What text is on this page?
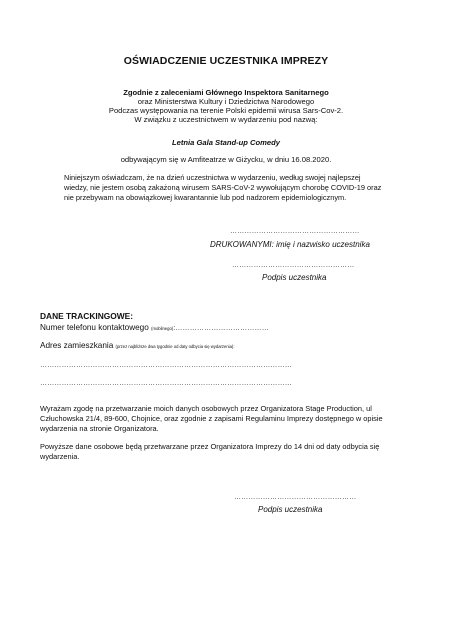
OŚWIADCZENIE UCZESTNIKA IMPREZY
Zgodnie z zaleceniami Głównego Inspektora Sanitarnego
oraz Ministerstwa Kultury i Dziedzictwa Narodowego
Podczas występowania na terenie Polski epidemii wirusa Sars-Cov-2.
W związku z uczestnictwem w wydarzeniu pod nazwą:
Letnia Gala Stand-up Comedy
odbywającym się w Amfiteatrze w Giżycku, w dniu 16.08.2020.
Niniejszym oświadczam, że na dzień uczestnictwa w wydarzeniu, według swojej najlepszej
wiedzy, nie jestem osobą zakażoną wirusem SARS-CoV-2 wywołującym chorobę COVID-19 oraz
nie przebywam na obowiązkowej kwarantannie lub pod nadzorem epidemiologicznym.
………………………………………………
DRUKOWANYMI: imię i nazwisko uczestnika
……………………………………………
Podpis uczestnika
DANE TRACKINGOWE:
Numer telefonu kontaktowego (mobilnego):…………………………………
Adres zamieszkania (przez najbliższe dwa tygodnie od daty odbycia się wydarzenia):
……………………………………………………………………………………………
……………………………………………………………………………………………
Wyrażam zgodę na przetwarzanie moich danych osobowych przez Organizatora Stage Production, ul
Człuchowska 21/4, 89-600, Chojnice, oraz zgodnie z zapisami Regulaminu Imprezy dostępnego w opisie
wydarzenia na stronie Organizatora.
Powyższe dane osobowe będą przetwarzane przez Organizatora Imprezy do 14 dni od daty odbycia się
wydarzenia.
……………………………………………
Podpis uczestnika
